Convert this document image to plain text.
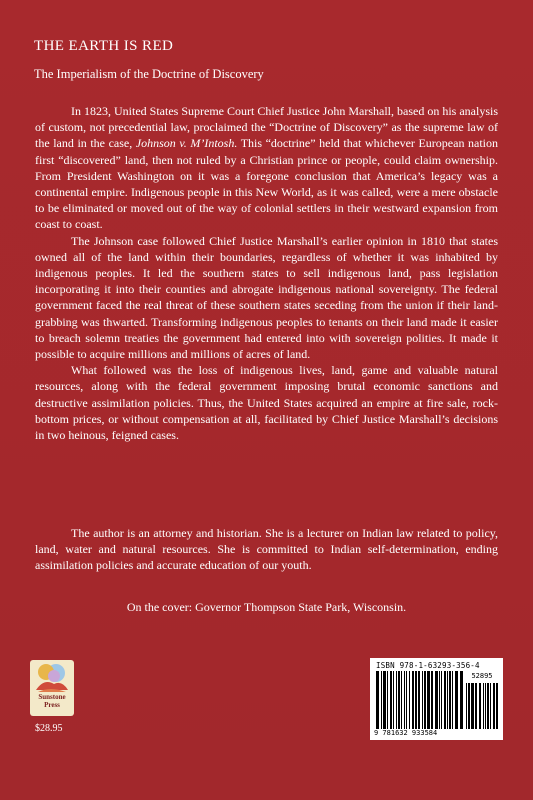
THE EARTH IS RED
The Imperialism of the Doctrine of Discovery

In 1823, United States Supreme Court Chief Justice John Marshall, based on his analysis of custom, not precedential law, proclaimed the “Doctrine of Discovery” as the supreme law of the land in the case, Johnson v. M’Intosh. This “doctrine” held that whichever European nation first “discovered” land, then not ruled by a Christian prince or people, could claim ownership. From President Washington on it was a foregone conclusion that America’s legacy was a continental empire. Indigenous people in this New World, as it was called, were a mere obstacle to be eliminated or moved out of the way of colonial settlers in their westward expansion from coast to coast.

The Johnson case followed Chief Justice Marshall’s earlier opinion in 1810 that states owned all of the land within their boundaries, regardless of whether it was inhabited by indigenous peoples. It led the southern states to sell indigenous land, pass legislation incorporating it into their counties and abrogate indigenous national sovereignty. The federal government faced the real threat of these southern states seceding from the union if their land-grabbing was thwarted. Transforming indigenous peoples to tenants on their land made it easier to breach solemn treaties the government had entered into with sovereign polities. It made it possible to acquire millions and millions of acres of land.

What followed was the loss of indigenous lives, land, game and valuable natural resources, along with the federal government imposing brutal economic sanctions and destructive assimilation policies. Thus, the United States acquired an empire at fire sale, rock-bottom prices, or without compensation at all, facilitated by Chief Justice Marshall’s decisions in two heinous, feigned cases.

The author is an attorney and historian. She is a lecturer on Indian law related to policy, land, water and natural resources. She is committed to Indian self-determination, ending assimilation policies and accurate education of our youth.

On the cover: Governor Thompson State Park, Wisconsin.
Sunstone
Press
$28.95
ISBN 978-1-63293-356-4
52895
9 781632 933584
